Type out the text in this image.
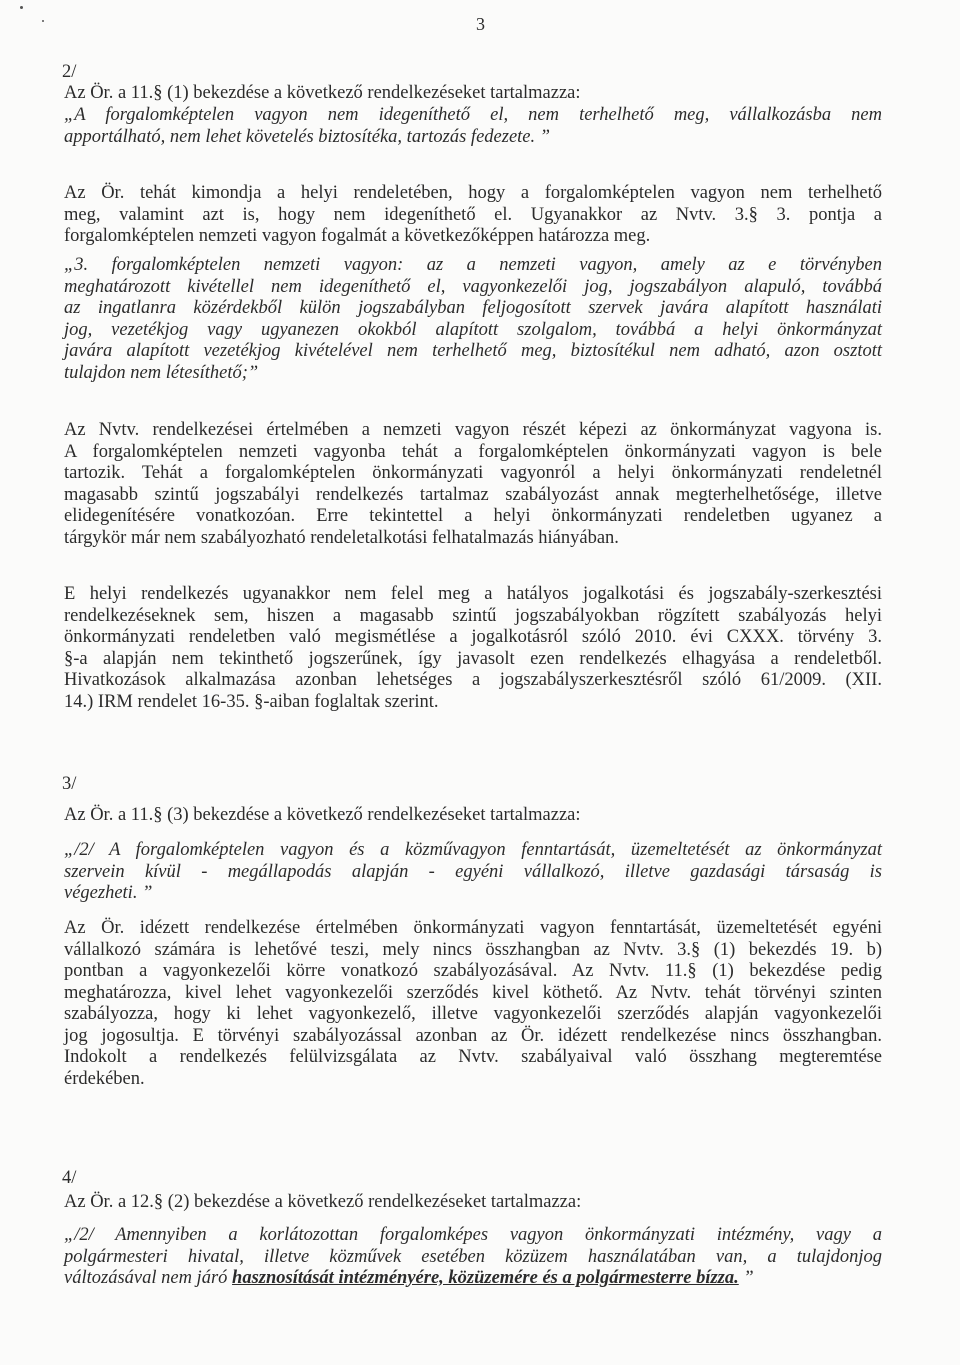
3
2/
Az Ör. a 11.§ (1) bekezdése a következő rendelkezéseket tartalmazza:
„A forgalomképtelen vagyon nem idegeníthető el, nem terhelhető meg, vállalkozásba nem
apportálható, nem lehet követelés biztosítéka, tartozás fedezete. ”
Az Ör. tehát kimondja a helyi rendeletében, hogy a forgalomképtelen vagyon nem terhelhető
meg, valamint azt is, hogy nem idegeníthető el. Ugyanakkor az Nvtv. 3.§ 3. pontja a
forgalomképtelen nemzeti vagyon fogalmát a következőképpen határozza meg.
„3. forgalomképtelen nemzeti vagyon: az a nemzeti vagyon, amely az e törvényben
meghatározott kivétellel nem idegeníthető el, vagyonkezelői jog, jogszabályon alapuló, továbbá
az ingatlanra közérdekből külön jogszabályban feljogosított szervek javára alapított használati
jog, vezetékjog vagy ugyanezen okokból alapított szolgalom, továbbá a helyi önkormányzat
javára alapított vezetékjog kivételével nem terhelhető meg, biztosítékul nem adható, azon osztott
tulajdon nem létesíthető;”
Az Nvtv. rendelkezései értelmében a nemzeti vagyon részét képezi az önkormányzat vagyona is.
A forgalomképtelen nemzeti vagyonba tehát a forgalomképtelen önkormányzati vagyon is bele
tartozik. Tehát a forgalomképtelen önkormányzati vagyonról a helyi önkormányzati rendeletnél
magasabb szintű jogszabályi rendelkezés tartalmaz szabályozást annak megterhelhetősége, illetve
elidegenítésére vonatkozóan. Erre tekintettel a helyi önkormányzati rendeletben ugyanez a
tárgykör már nem szabályozható rendeletalkotási felhatalmazás hiányában.
E helyi rendelkezés ugyanakkor nem felel meg a hatályos jogalkotási és jogszabály-szerkesztési
rendelkezéseknek sem, hiszen a magasabb szintű jogszabályokban rögzített szabályozás helyi
önkormányzati rendeletben való megismétlése a jogalkotásról szóló 2010. évi CXXX. törvény 3.
§-a alapján nem tekinthető jogszerűnek, így javasolt ezen rendelkezés elhagyása a rendeletből.
Hivatkozások alkalmazása azonban lehetséges a jogszabályszerkesztésről szóló 61/2009. (XII.
14.) IRM rendelet 16-35. §-aiban foglaltak szerint.
3/
Az Ör. a 11.§ (3) bekezdése a következő rendelkezéseket tartalmazza:
„/2/ A forgalomképtelen vagyon és a közművagyon fenntartását, üzemeltetését az önkormányzat
szervein kívül - megállapodás alapján - egyéni vállalkozó, illetve gazdasági társaság is
végezheti. ”
Az Ör. idézett rendelkezése értelmében önkormányzati vagyon fenntartását, üzemeltetését egyéni
vállalkozó számára is lehetővé teszi, mely nincs összhangban az Nvtv. 3.§ (1) bekezdés 19. b)
pontban a vagyonkezelői körre vonatkozó szabályozásával. Az Nvtv. 11.§ (1) bekezdése pedig
meghatározza, kivel lehet vagyonkezelői szerződés kivel köthető. Az Nvtv. tehát törvényi szinten
szabályozza, hogy ki lehet vagyonkezelő, illetve vagyonkezelői szerződés alapján vagyonkezelői
jog jogosultja. E törvényi szabályozással azonban az Ör. idézett rendelkezése nincs összhangban.
Indokolt a rendelkezés felülvizsgálata az Nvtv. szabályaival való összhang megteremtése
érdekében.
4/
Az Ör. a 12.§ (2) bekezdése a következő rendelkezéseket tartalmazza:
„/2/ Amennyiben a korlátozottan forgalomképes vagyon önkormányzati intézmény, vagy a
polgármesteri hivatal, illetve közművek esetében közüzem használatában van, a tulajdonjog
változásával nem járó hasznosítását intézményére, közüzemére és a polgármesterre bízza. ”
